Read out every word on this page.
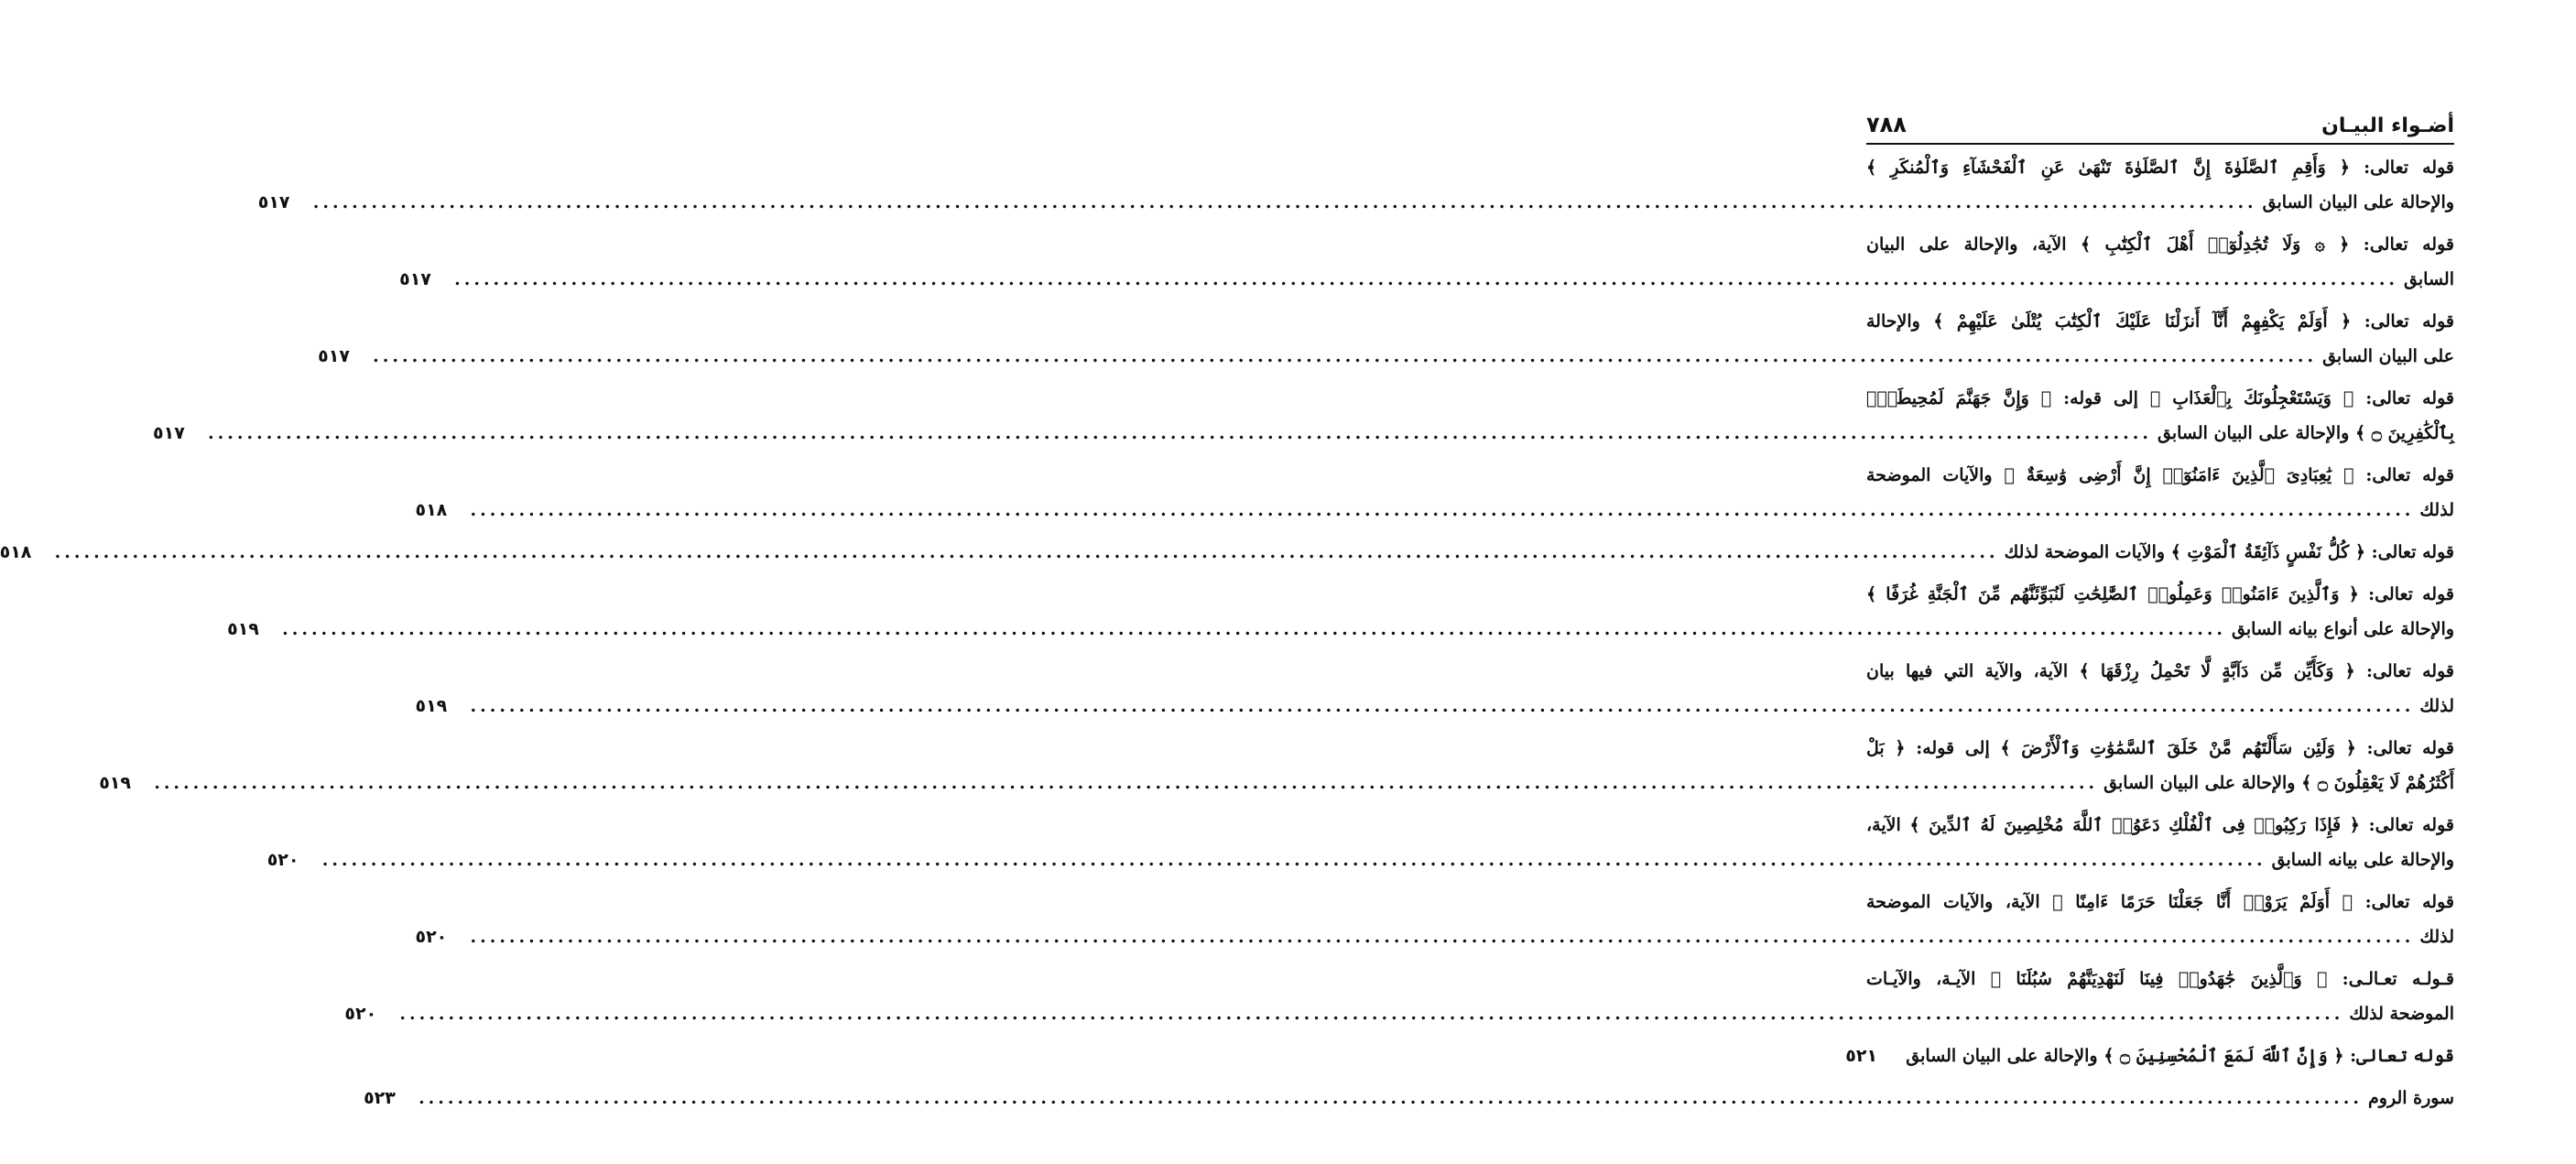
أضـواء البيـان
٧٨٨
قوله تعالى: ﴿ وَأَقِمِ ٱلصَّلَوٰةَ إِنَّ ٱلصَّلَوٰةَ تَنْهَىٰ عَنِ ٱلْفَحْشَآءِ وَٱلْمُنكَرِ ﴾
والإحالة على البيان السابق
........................................................................................................................................................................................................
٥١٧
قوله تعالى: ﴿ ۞ وَلَا تُجَٰدِلُوٓا۟ أَهْلَ ٱلْكِتَٰبِ ﴾ الآية، والإحالة على البيان
السابق
........................................................................................................................................................................................................
٥١٧
قوله تعالى: ﴿ أَوَلَمْ يَكْفِهِمْ أَنَّآ أَنزَلْنَا عَلَيْكَ ٱلْكِتَٰبَ يُتْلَىٰ عَلَيْهِمْ ﴾ والإحالة
على البيان السابق
........................................................................................................................................................................................................
٥١٧
قوله تعالى: ﴿ وَيَسْتَعْجِلُونَكَ بِٱلْعَذَابِ ﴾ إلى قوله: ﴿ وَإِنَّ جَهَنَّمَ لَمُحِيطَةٌۢ
بِٱلْكَٰفِرِينَ ۝ ﴾ والإحالة على البيان السابق
........................................................................................................................................................................................................
٥١٧
قوله تعالى: ﴿ يَٰعِبَادِىَ ٱلَّذِينَ ءَامَنُوٓا۟ إِنَّ أَرْضِى وَٰسِعَةٌ ﴾ والآيات الموضحة
لذلك
........................................................................................................................................................................................................
٥١٨
قوله تعالى: ﴿ كُلُّ نَفْسٍ ذَآئِقَةُ ٱلْمَوْتِ ﴾ والآيات الموضحة لذلك
........................................................................................................................................................................................................
٥١٨
قوله تعالى: ﴿ وَٱلَّذِينَ ءَامَنُوا۟ وَعَمِلُوا۟ ٱلصَّٰلِحَٰتِ لَنُبَوِّئَنَّهُم مِّنَ ٱلْجَنَّةِ غُرَفًا ﴾
والإحالة على أنواع بيانه السابق
........................................................................................................................................................................................................
٥١٩
قوله تعالى: ﴿ وَكَأَيِّن مِّن دَآبَّةٍ لَّا تَحْمِلُ رِزْقَهَا ﴾ الآية، والآية التي فيها بيان
لذلك
........................................................................................................................................................................................................
٥١٩
قوله تعالى: ﴿ وَلَئِن سَأَلْتَهُم مَّنْ خَلَقَ ٱلسَّمَٰوَٰتِ وَٱلْأَرْضَ ﴾ إلى قوله: ﴿ بَلْ
أَكْثَرُهُمْ لَا يَعْقِلُونَ ۝ ﴾ والإحالة على البيان السابق
........................................................................................................................................................................................................
٥١٩
قوله تعالى: ﴿ فَإِذَا رَكِبُوا۟ فِى ٱلْفُلْكِ دَعَوُا۟ ٱللَّهَ مُخْلِصِينَ لَهُ ٱلدِّينَ ﴾ الآية،
والإحالة على بيانه السابق
........................................................................................................................................................................................................
٥٢٠
قوله تعالى: ﴿ أَوَلَمْ يَرَوْا۟ أَنَّا جَعَلْنَا حَرَمًا ءَامِنًا ﴾ الآية، والآيات الموضحة
لذلك
........................................................................................................................................................................................................
٥٢٠
قـولـه تعـالـى: ﴿ وَٱلَّذِينَ جَٰهَدُوا۟ فِينَا لَنَهْدِيَنَّهُمْ سُبُلَنَا ﴾ الآيـة، والآيـات
الموضحة لذلك
........................................................................................................................................................................................................
٥٢٠
قوله تعالى: ﴿ وَإِنَّ ٱللَّهَ لَمَعَ ٱلْمُحْسِنِينَ ۝ ﴾ والإحالة على البيان السابق
٥٢١
سورة الروم
........................................................................................................................................................................................................
٥٢٣
